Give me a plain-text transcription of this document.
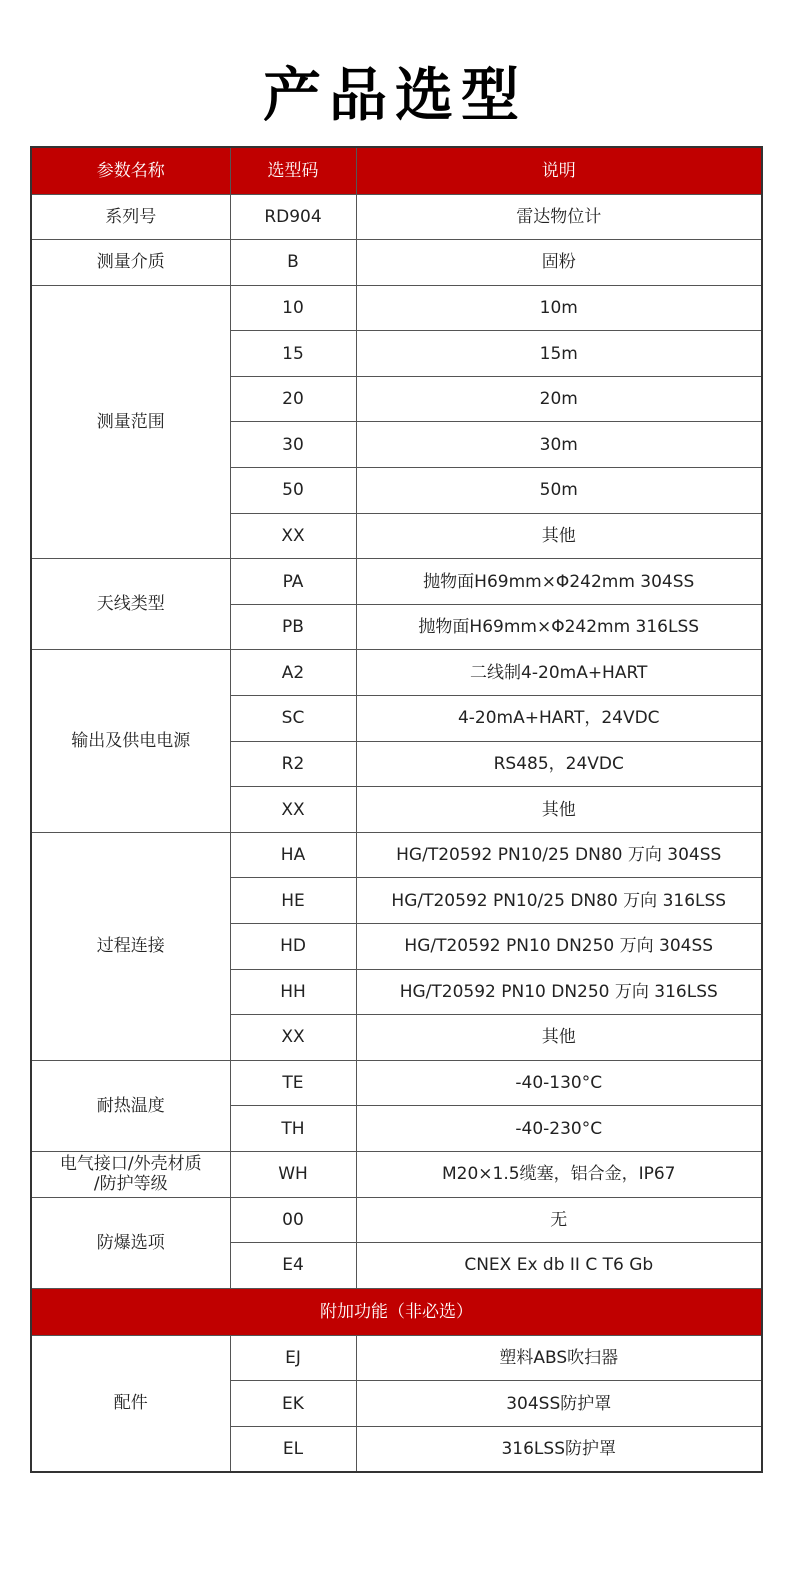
产品选型
参数名称	选型码	说明
系列号	RD904	雷达物位计
测量介质	B	固粉
测量范围	10	10m
	15	15m
	20	20m
	30	30m
	50	50m
	XX	其他
天线类型	PA	抛物面H69mm×Φ242mm 304SS
	PB	抛物面H69mm×Φ242mm 316LSS
输出及供电电源	A2	二线制4-20mA+HART
	SC	4-20mA+HART，24VDC
	R2	RS485，24VDC
	XX	其他
过程连接	HA	HG/T20592 PN10/25 DN80 万向 304SS
	HE	HG/T20592 PN10/25 DN80 万向 316LSS
	HD	HG/T20592 PN10 DN250 万向 304SS
	HH	HG/T20592 PN10 DN250 万向 316LSS
	XX	其他
耐热温度	TE	-40-130°C
	TH	-40-230°C

电气接口/外壳材质
/防护等级	WH	M20×1.5缆塞，铝合金，IP67
防爆选项	00	无
	E4	CNEX Ex db II C T6 Gb
附加功能（非必选）		
配件	EJ	塑料ABS吹扫器
	EK	304SS防护罩
	EL	316LSS防护罩
